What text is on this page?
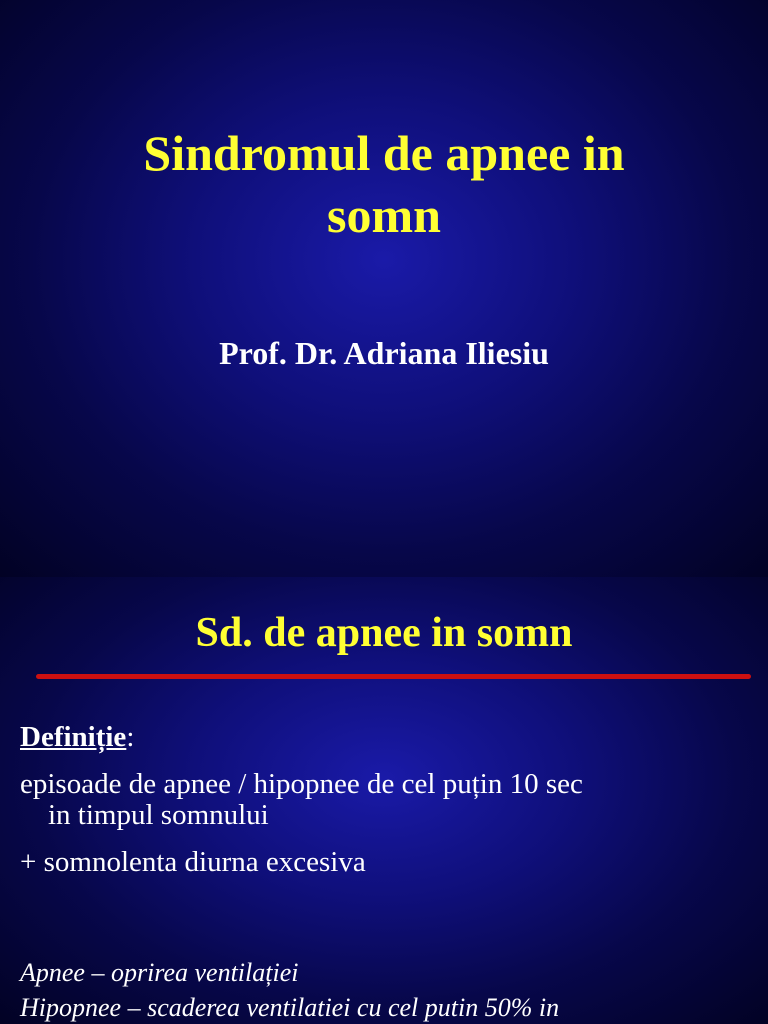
Sindromul de apnee in
somn
Prof. Dr. Adriana Iliesiu
Sd. de apnee in somn

Definiție:

episoade de apnee / hipopnee de cel puțin 10 sec

in timpul somnului

+ somnolenta diurna excesiva

Apnee – oprirea ventilației
Hipopnee – scaderea ventilatiei cu cel putin 50% in
